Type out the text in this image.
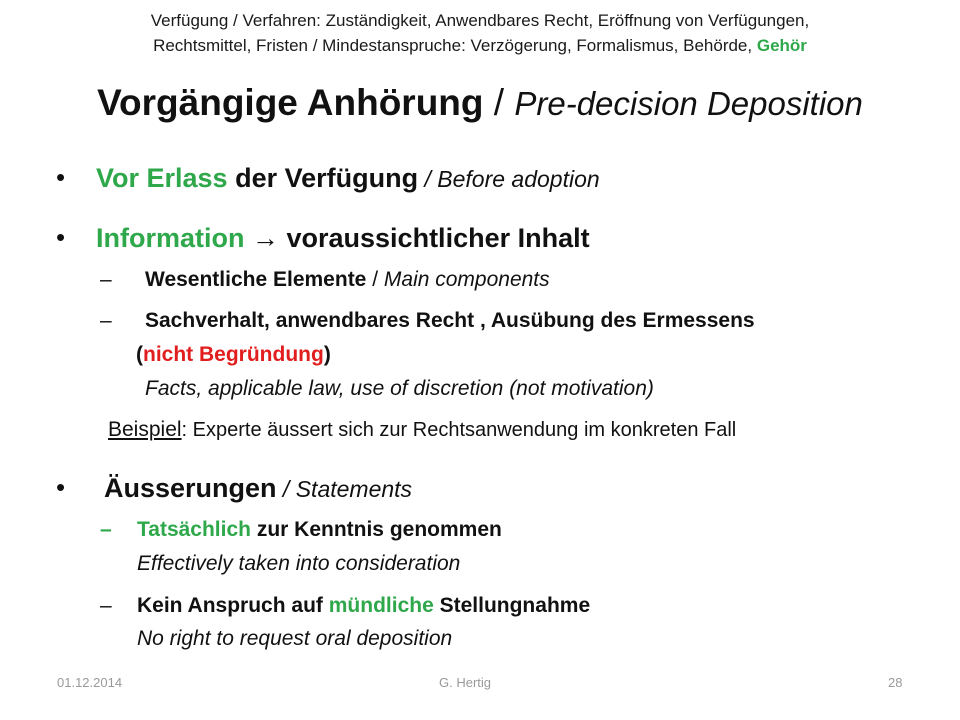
Verfügung / Verfahren: Zuständigkeit, Anwendbares Recht, Eröffnung von Verfügungen,
Rechtsmittel, Fristen / Mindestanspruche: Verzögerung, Formalismus, Behörde, Gehör
Vorgängige Anhörung / Pre-decision Deposition
• Vor Erlass der Verfügung / Before adoption
• Information → voraussichtlicher Inhalt
– Wesentliche Elemente / Main components
– Sachverhalt, anwendbares Recht , Ausübung des Ermessens
(nicht Begründung)
Facts, applicable law, use of discretion (not motivation)
Beispiel: Experte äussert sich zur Rechtsanwendung im konkreten Fall
• Äusserungen / Statements
– Tatsächlich zur Kenntnis genommen
Effectively taken into consideration
– Kein Anspruch auf mündliche Stellungnahme
No right to request oral deposition
01.12.2014	G. Hertig	28
